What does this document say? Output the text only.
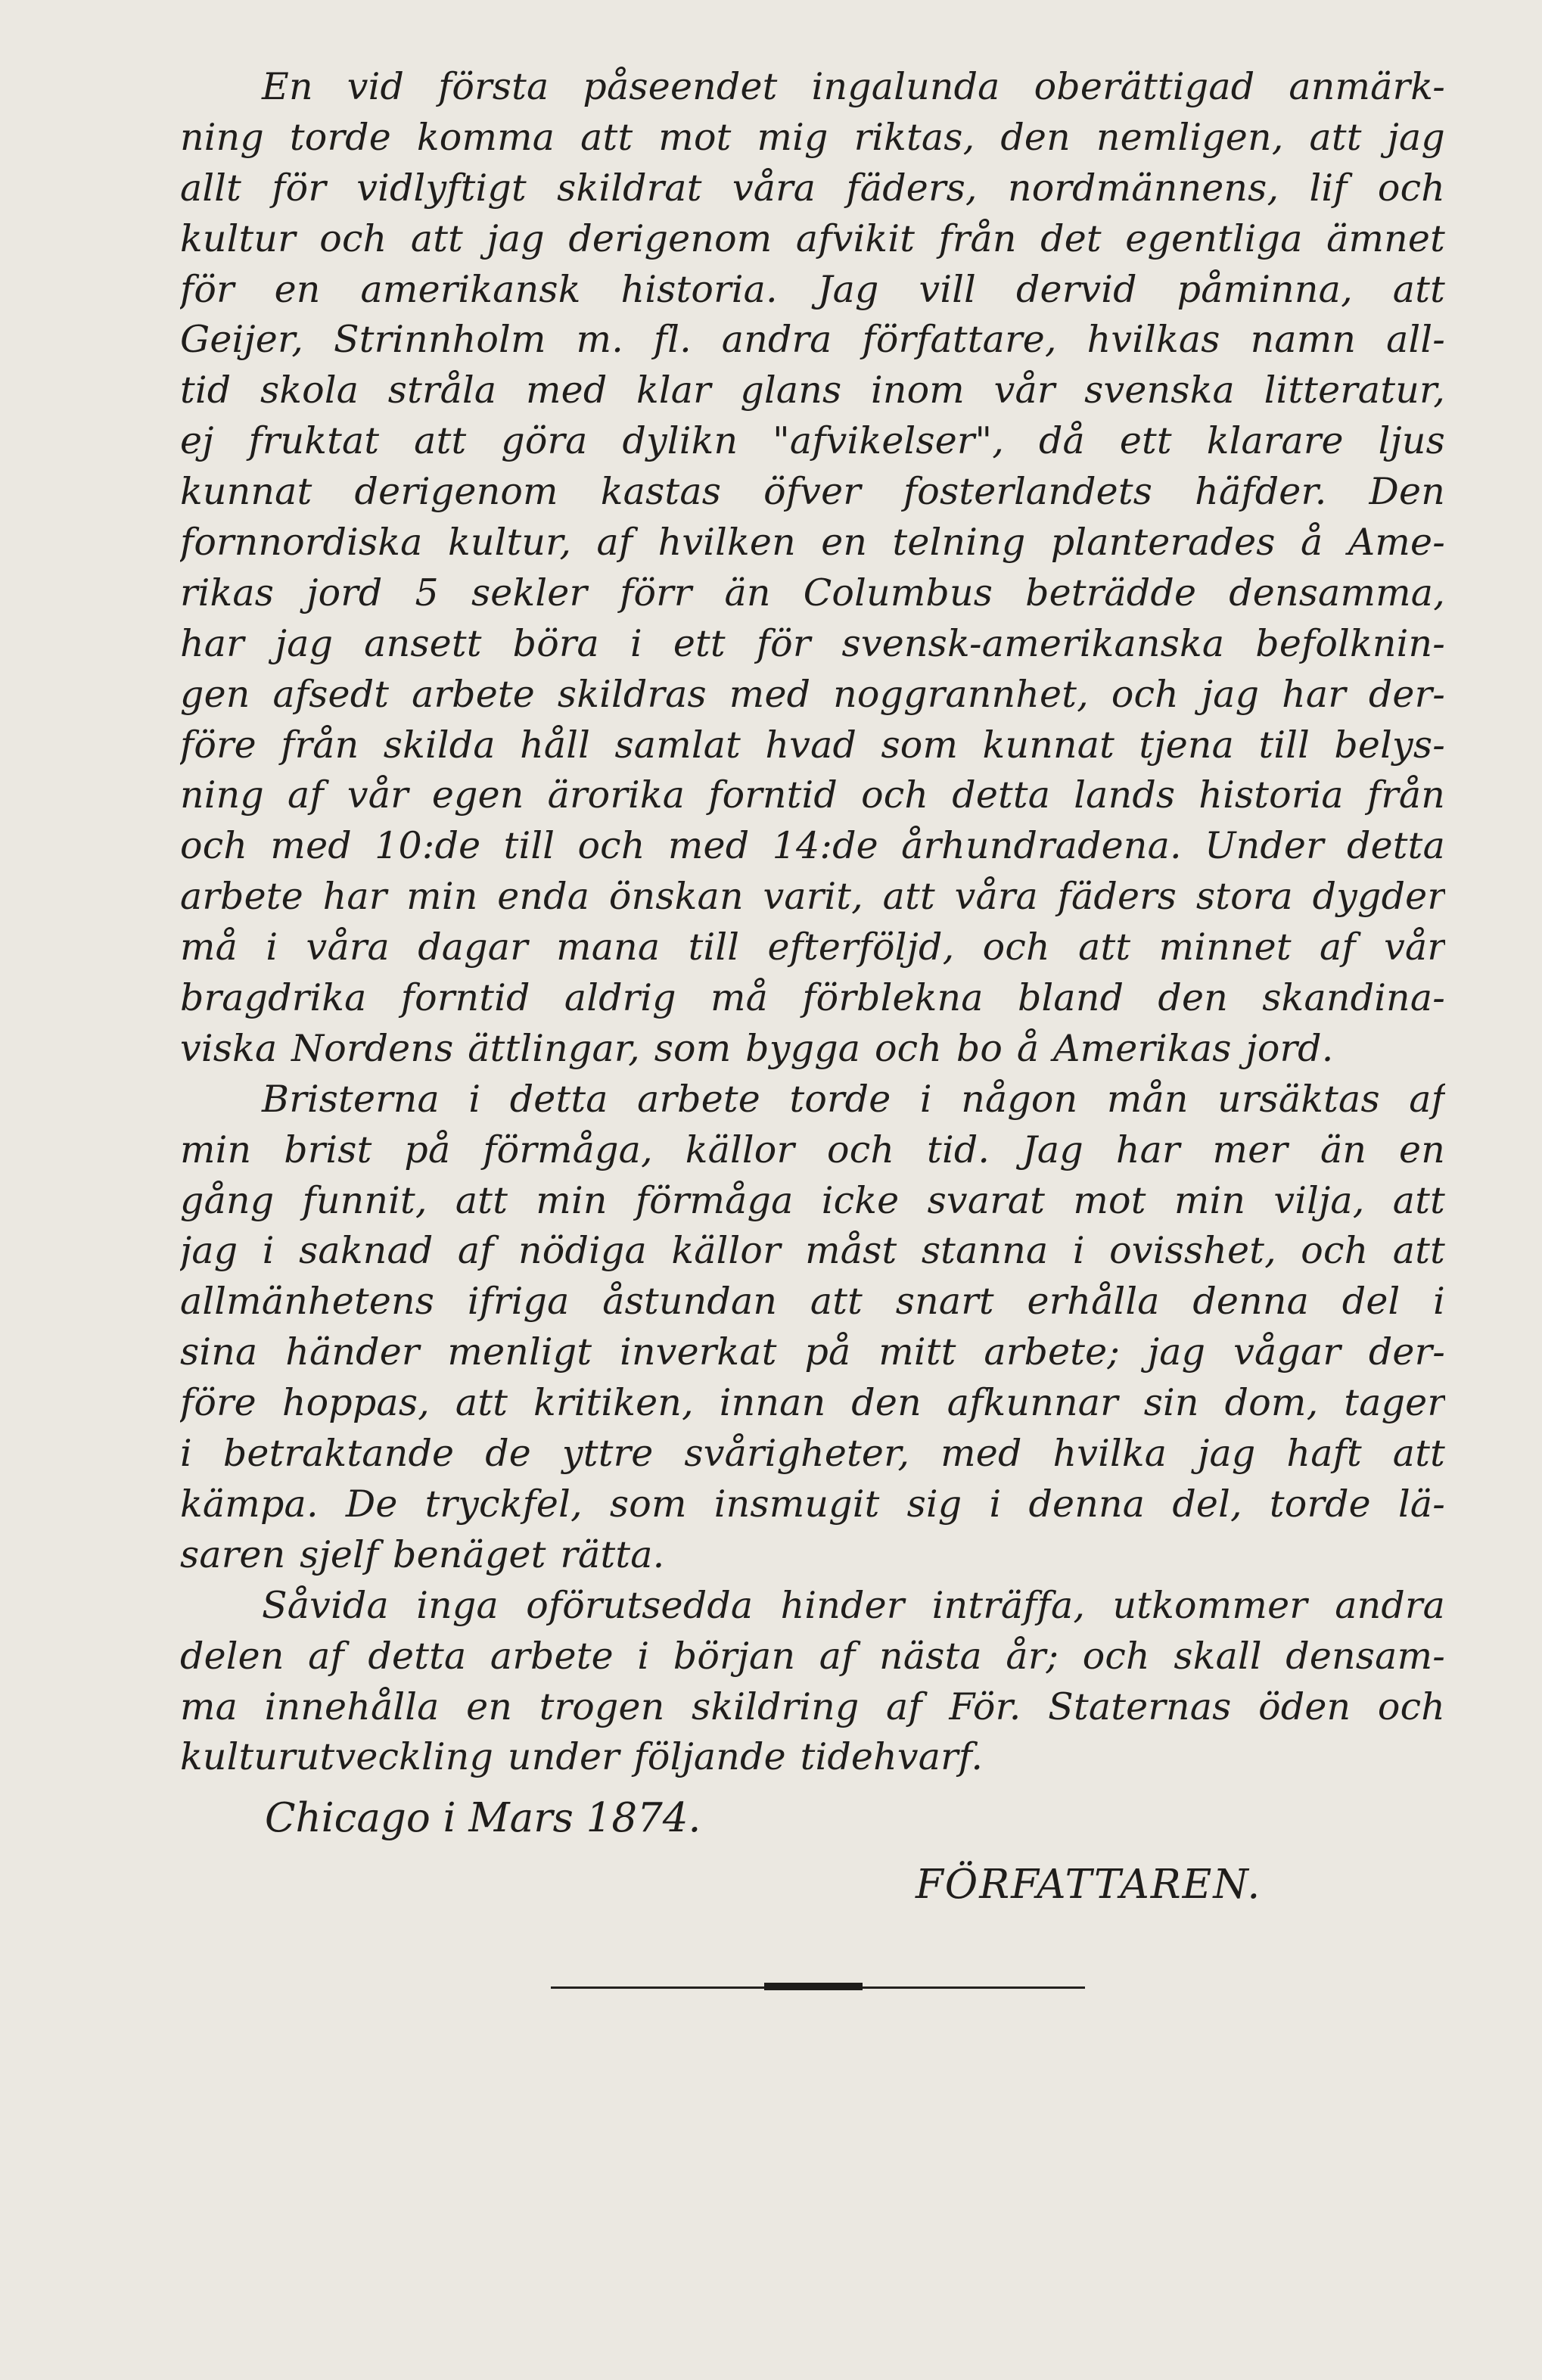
En vid första påseendet ingalunda oberättigad anmärk-
ning torde komma att mot mig riktas, den nemligen, att jag
allt för vidlyftigt skildrat våra fäders, nordmännens, lif och
kultur och att jag derigenom afvikit från det egentliga ämnet
för en amerikansk historia. Jag vill dervid påminna, att
Geijer, Strinnholm m. fl. andra författare, hvilkas namn all-
tid skola stråla med klar glans inom vår svenska litteratur,
ej fruktat att göra dylikn "afvikelser", då ett klarare ljus
kunnat derigenom kastas öfver fosterlandets häfder. Den
fornnordiska kultur, af hvilken en telning planterades å Ame-
rikas jord 5 sekler förr än Columbus beträdde densamma,
har jag ansett böra i ett för svensk-amerikanska befolknin-
gen afsedt arbete skildras med noggrannhet, och jag har der-
före från skilda håll samlat hvad som kunnat tjena till belys-
ning af vår egen ärorika forntid och detta lands historia från
och med 10:de till och med 14:de århundradena. Under detta
arbete har min enda önskan varit, att våra fäders stora dygder
må i våra dagar mana till efterföljd, och att minnet af vår
bragdrika forntid aldrig må förblekna bland den skandina-
viska Nordens ättlingar, som bygga och bo å Amerikas jord.
Bristerna i detta arbete torde i någon mån ursäktas af
min brist på förmåga, källor och tid. Jag har mer än en
gång funnit, att min förmåga icke svarat mot min vilja, att
jag i saknad af nödiga källor måst stanna i ovisshet, och att
allmänhetens ifriga åstundan att snart erhålla denna del i
sina händer menligt inverkat på mitt arbete; jag vågar der-
före hoppas, att kritiken, innan den afkunnar sin dom, tager
i betraktande de yttre svårigheter, med hvilka jag haft att
kämpa. De tryckfel, som insmugit sig i denna del, torde lä-
saren sjelf benäget rätta.
Såvida inga oförutsedda hinder inträffa, utkommer andra
delen af detta arbete i början af nästa år; och skall densam-
ma innehålla en trogen skildring af För. Staternas öden och
kulturutveckling under följande tidehvarf.
Chicago i Mars 1874.
FÖRFATTAREN.
